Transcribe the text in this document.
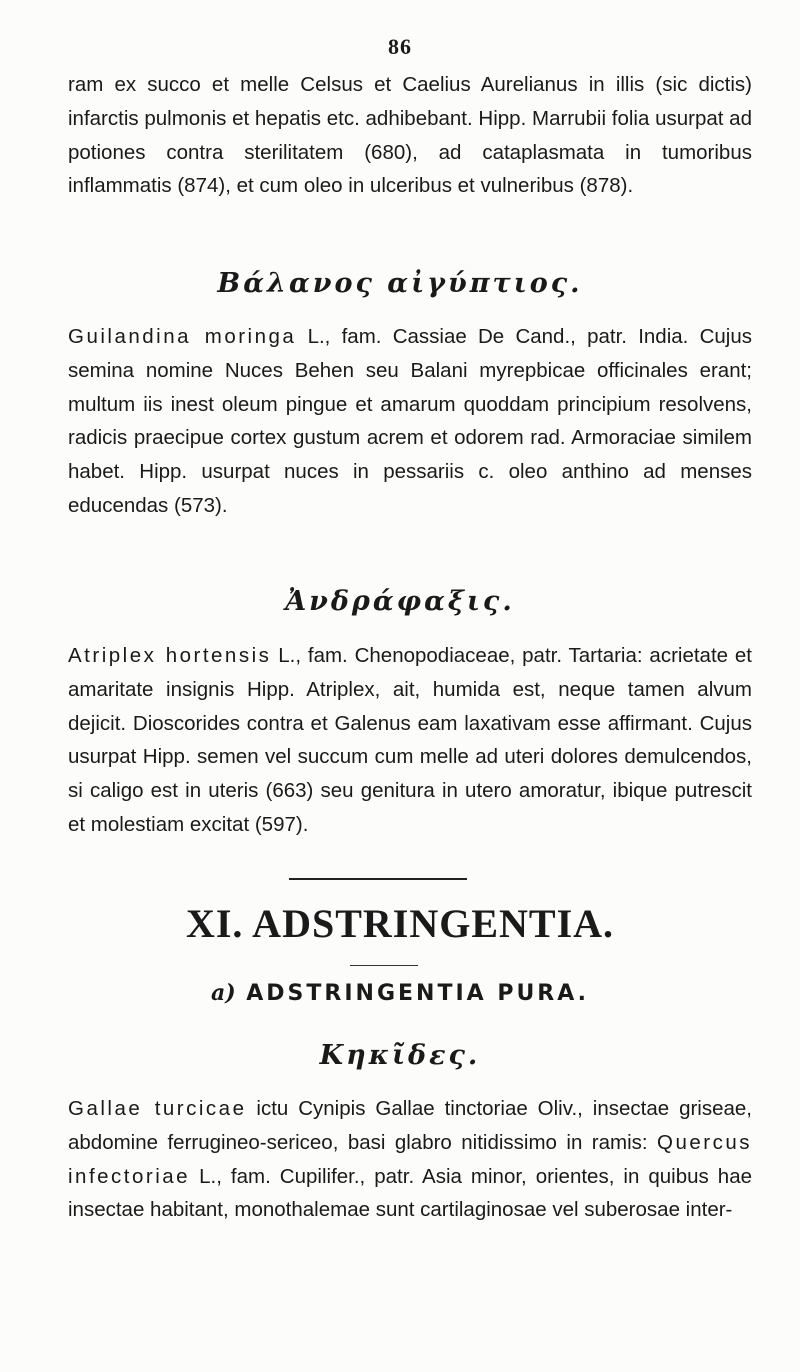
86
ram ex succo et melle Celsus et Caelius Aurelianus in illis (sic dictis) infarctis pulmonis et hepatis etc. adhibebant. Hipp. Marrubii folia usurpat ad potiones contra sterilitatem (680), ad cataplasmata in tumoribus inflammatis (874), et cum oleo in ulceribus et vulneribus (878).
Βάλανος αἰγύπτιος.
Guilandina moringa L., fam. Cassiae De Cand., patr. India. Cujus semina nomine Nuces Behen seu Balani myrepbicae officinales erant; multum iis inest oleum pingue et amarum quoddam principium resolvens, radicis praecipue cortex gustum acrem et odorem rad. Armoraciae similem habet. Hipp. usurpat nuces in pessariis c. oleo anthino ad menses educendas (573).
Ἀνδράφαξις.
Atriplex hortensis L., fam. Chenopodiaceae, patr. Tartaria: acrietate et amaritate insignis Hipp. Atriplex, ait, humida est, neque tamen alvum dejicit. Dioscorides contra et Galenus eam laxativam esse affirmant. Cujus usurpat Hipp. semen vel succum cum melle ad uteri dolores demulcendos, si caligo est in uteris (663) seu genitura in utero amoratur, ibique putrescit et molestiam excitat (597).
XI. ADSTRINGENTIA.
a) ADSTRINGENTIA PURA.
Κηκῖδες.
Gallae turcicae ictu Cynipis Gallae tinctoriae Oliv., insectae griseae, abdomine ferrugineo-sericeo, basi glabro nitidissimo in ramis: Quercus infectoriae L., fam. Cupilifer., patr. Asia minor, orientes, in quibus hae insectae habitant, monothalemae sunt cartilaginosae vel suberosae inter-
